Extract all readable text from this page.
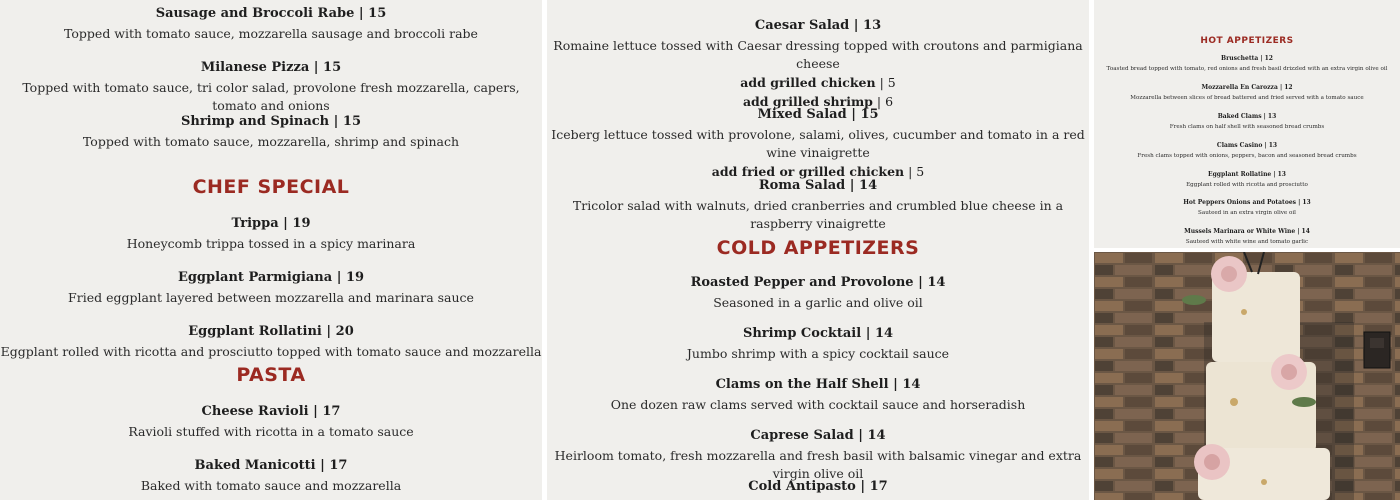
Sausage and Broccoli Rabe | 15
Topped with tomato sauce, mozzarella sausage and broccoli rabe
Milanese Pizza | 15
Topped with tomato sauce, tri color salad, provolone fresh mozzarella, capers, tomato and onions
Shrimp and Spinach | 15
Topped with tomato sauce, mozzarella, shrimp and spinach
CHEF SPECIAL
Trippa | 19
Honeycomb trippa tossed in a spicy marinara
Eggplant Parmigiana | 19
Fried eggplant layered between mozzarella and marinara sauce
Eggplant Rollatini | 20
Eggplant rolled with ricotta and prosciutto topped with tomato sauce and mozzarella
PASTA
Cheese Ravioli | 17
Ravioli stuffed with ricotta in a tomato sauce
Baked Manicotti | 17
Baked with tomato sauce and mozzarella
Caesar Salad | 13
Romaine lettuce tossed with Caesar dressing topped with croutons and parmigiana cheese
add grilled chicken | 5
add grilled shrimp | 6
Mixed Salad | 15
Iceberg lettuce tossed with provolone, salami, olives, cucumber and tomato in a red wine vinaigrette
add fried or grilled chicken | 5
Roma Salad | 14
Tricolor salad with walnuts, dried cranberries and crumbled blue cheese in a raspberry vinaigrette
COLD APPETIZERS
Roasted Pepper and Provolone | 14
Seasoned in a garlic and olive oil
Shrimp Cocktail | 14
Jumbo shrimp with a spicy cocktail sauce
Clams on the Half Shell | 14
One dozen raw clams served with cocktail sauce and horseradish
Caprese Salad | 14
Heirloom tomato, fresh mozzarella and fresh basil with balsamic vinegar and extra virgin olive oil
Cold Antipasto | 17
HOT APPETIZERS
Bruschetta | 12
Toasted bread topped with tomato, red onions and fresh basil drizzled with an extra virgin olive oil
Mozzarella En Carozza | 12
Mozzarella between slices of bread battered and fried served with a tomato sauce
Baked Clams | 13
Fresh clams on half shell with seasoned bread crumbs
Clams Casino | 13
Fresh clams topped with onions, peppers, bacon and seasoned bread crumbs
Eggplant Rollatine | 13
Eggplant rolled with ricotta and prosciutto
Hot Peppers Onions and Potatoes | 13
Sauteed in an extra virgin olive oil
Mussels Marinara or White Wine | 14
Sauteed with white wine and tomato garlic
